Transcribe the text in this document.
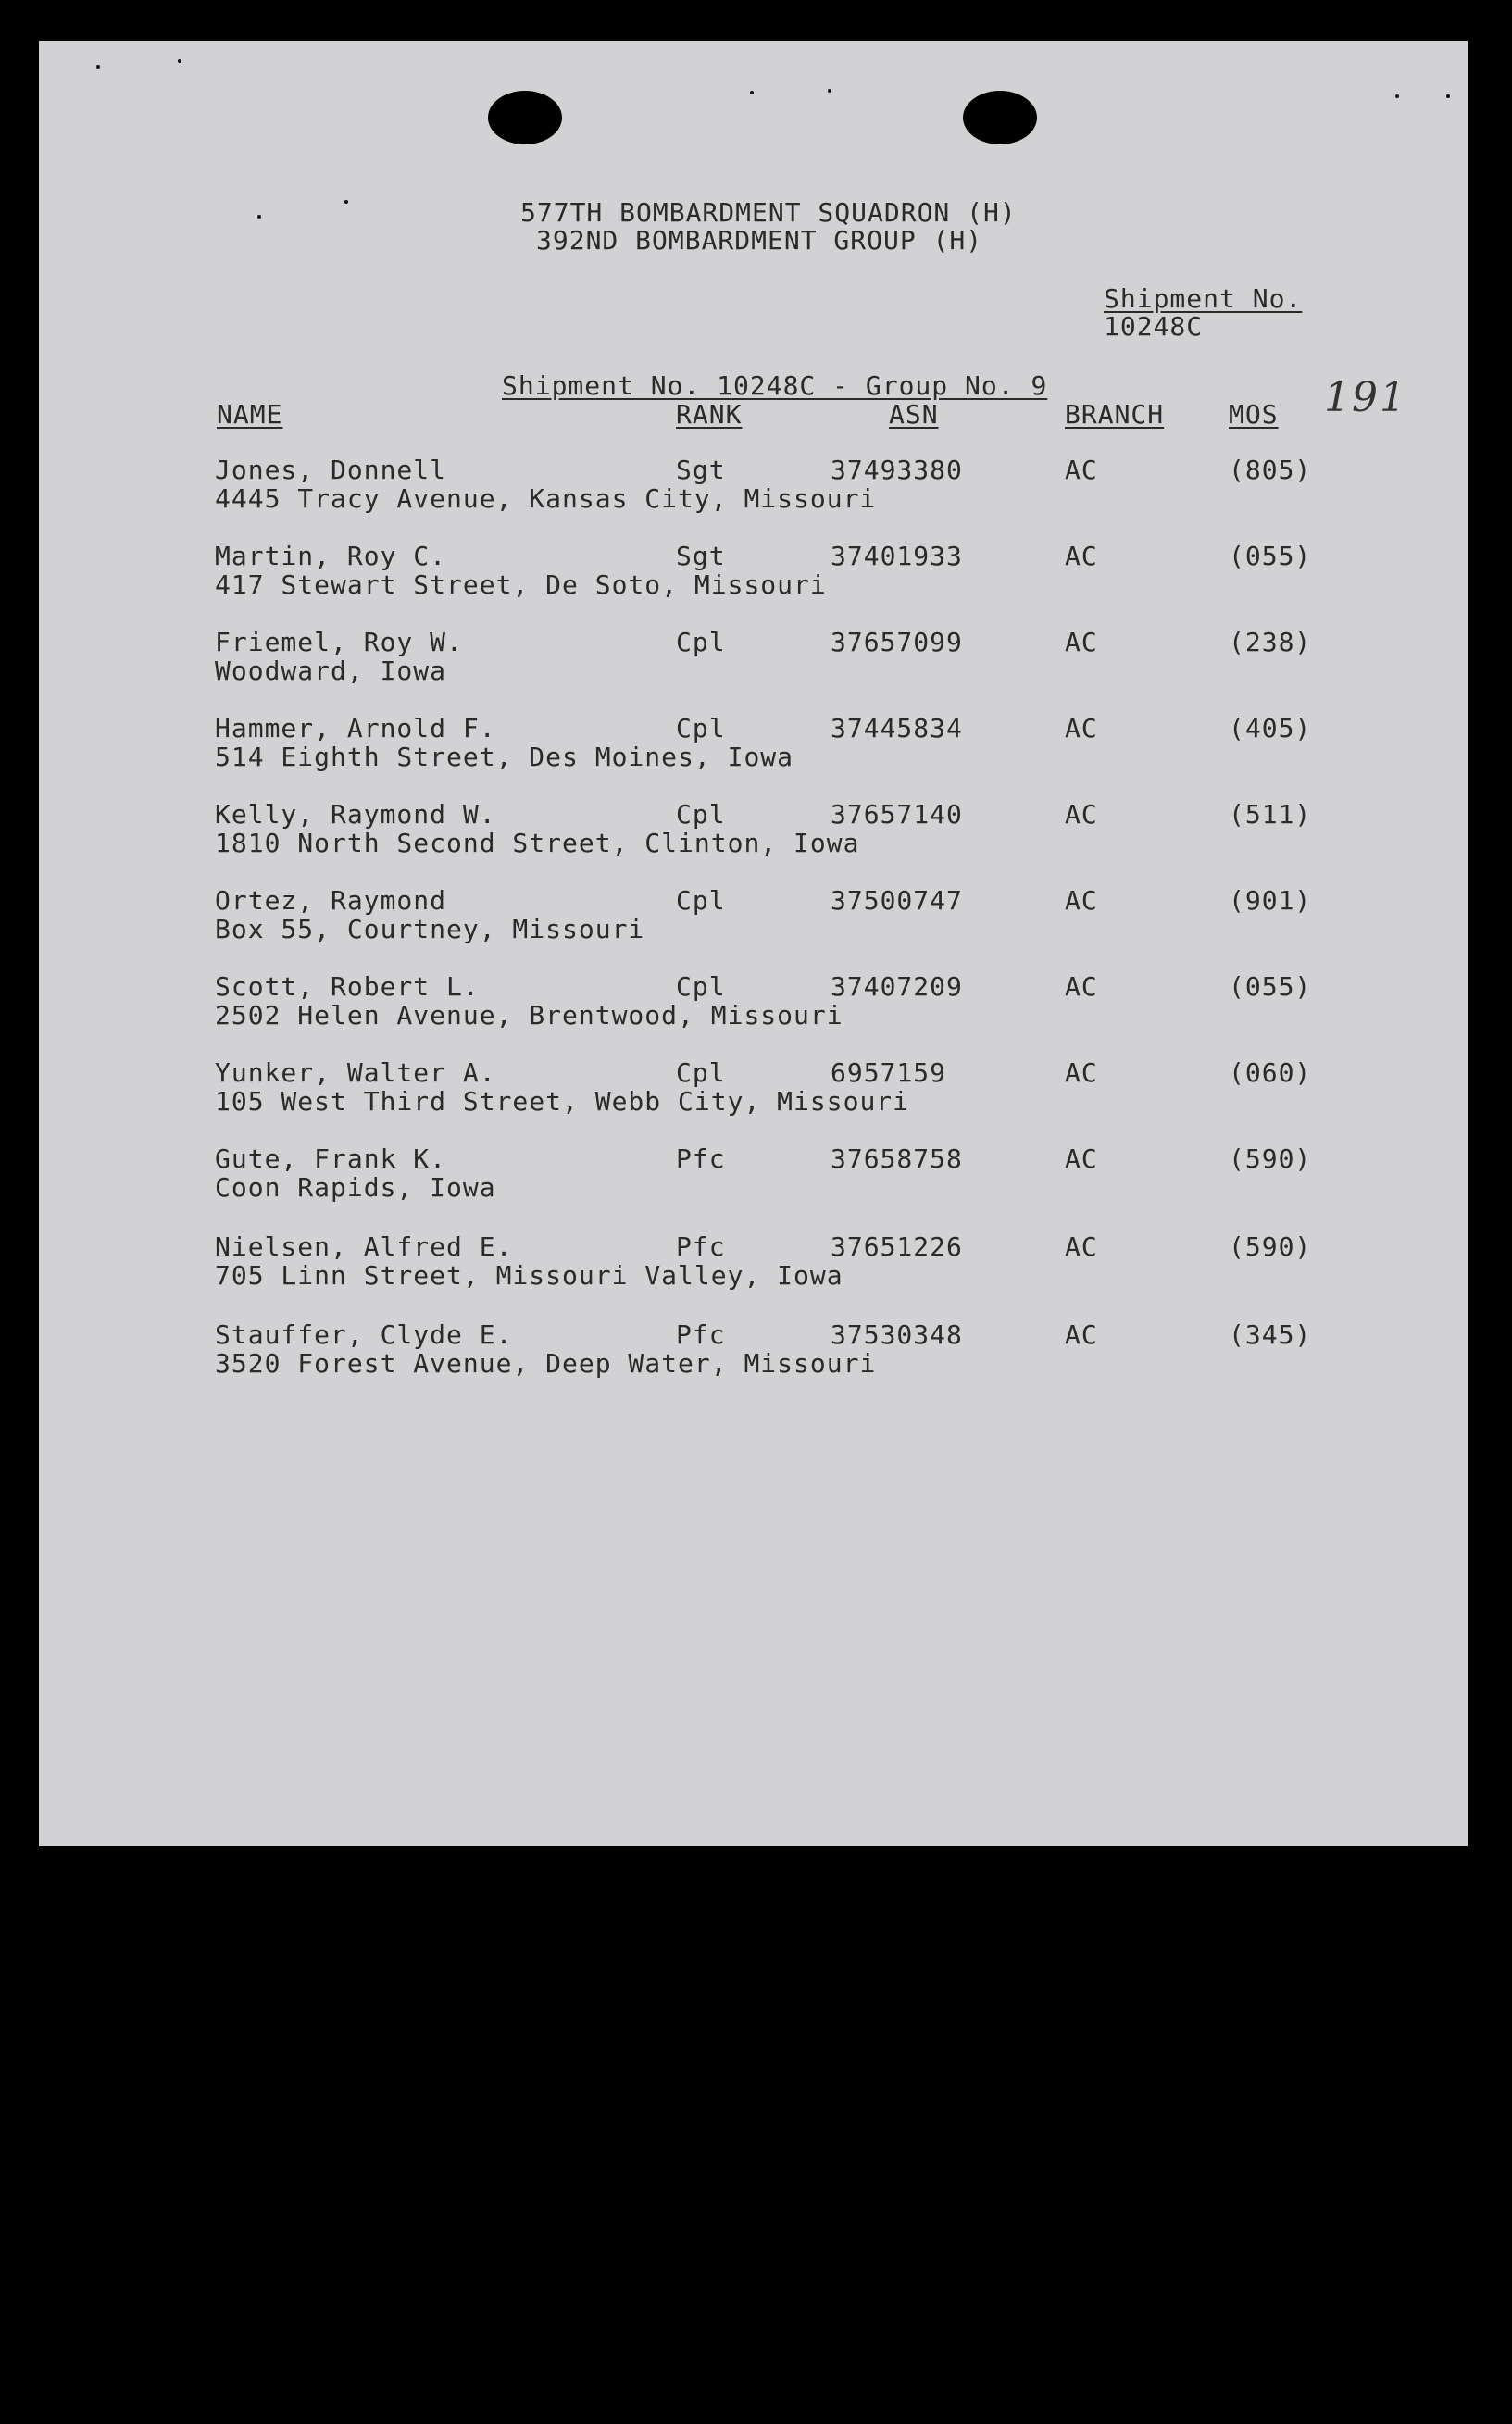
577TH BOMBARDMENT SQUADRON (H)
392ND BOMBARDMENT GROUP (H)
Shipment No.
10248C
Shipment No. 10248C - Group No. 9	191
NAME	RANK	ASN	BRANCH MOS
Jones, Donnell	Sgt	37493380	AC	(805)
4445 Tracy Avenue, Kansas City, Missouri
Martin, Roy C.	Sgt	37401933	AC	(055)
417 Stewart Street, De Soto, Missouri
Friemel, Roy W.	Cpl	37657099	AC	(238)
Woodward, Iowa
Hammer, Arnold F.	Cpl	37445834	AC	(405)
514 Eighth Street, Des Moines, Iowa
Kelly, Raymond W.	Cpl	37657140	AC	(511)
1810 North Second Street, Clinton, Iowa
Ortez, Raymond	Cpl	37500747	AC	(901)
Box 55, Courtney, Missouri
Scott, Robert L.	Cpl	37407209	AC	(055)
2502 Helen Avenue, Brentwood, Missouri
Yunker, Walter A.	Cpl	6957159	AC	(060)
105 West Third Street, Webb City, Missouri
Gute, Frank K.	Pfc	37658758	AC	(590)
Coon Rapids, Iowa
Nielsen, Alfred E.	Pfc	37651226	AC	(590)
705 Linn Street, Missouri Valley, Iowa
Stauffer, Clyde E.	Pfc	37530348	AC	(345)
3520 Forest Avenue, Deep Water, Missouri
